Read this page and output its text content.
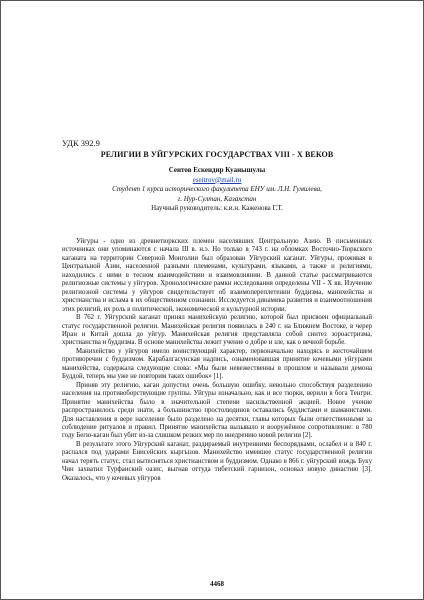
УДК 392.9
РЕЛИГИИ В УЙГУРСКИХ ГОСУДАРСТВАХ VIII - X ВЕКОВ
Сеитов Ескендир Куанышулы
eseitrov@mail.ru
Студент 1 курса исторического факультета ЕНУ им. Л.Н. Гумилева,
г. Нур-Султан, Казахстан
Научный руководитель: к.и.н. Каженова Г.Т.

Уйгуры - одно из древнетюркских племен населявших Центральную Азию. В письменных источниках они упоминаются с начала III в. н.э. Но только в 743 г. на обломках Восточно-Тюркского каганата на территории Северной Монголии был образован Уйгурский каганат. Уйгуры, проживая в Центральной Азии, населенной разными племенами, культурами, языками, а также и религиями, находились с ними в тесном взаимодействии и взаимовлиянии. В данной статье рассматриваются религиозные системы у уйгуров. Хронологические рамки исследования определены VII - X вв. Изучение религиозной системы у уйгуров свидетельствует об взаимопереплетении буддизма, манихейства и христианства и ислама в их общественном сознании. Исследуется динамика развития и взаимоотношения этих религий, их роль в политической, экономической и культурной истории.

В 762 г. Уйгурский каганат принял манихейскую религию, которой был присвоен официальный статус государственной религии. Манихейская религия появилась в 240 г. на Ближнем Востоке, в череp Иран и Китай дошла до уйгур. Манихейская религия представляла собой синтез зороастризма, христианства и буддизма. В основе манихейства лежит учение о добре и зле, как о вечной борьбе.

Манихейство у уйгуров имело воинствующий характер, первоначально находясь в жесточайшем противоречии с буддизмом. Карабалгасунская надпись, ознаменовавшая принятие кочевыми уйгурами манихейства, содержала следующие слова: «Мы были невежественны в прошлом и называли демона Буддой, теперь мы уже не повторим таких ошибок» [1].

Приняв эту религию, каган допустил очень большую ошибку, невольно способствуя разделению населения на противоборствующие группы. Уйгуры изначально, как и все тюрки, верили в бога Тенгри. Принятие манихейства было в значительной степени насильственной акцией. Новое учение распространилось среди знати, а большинство простолюдинов оставались буддистами и шаманистами. Для наставления в вере население было разделено на десятки, главы которых были ответственными за соблюдение ритуалов и правил. Принятие манихейства вызывало и вооружённое сопротивление: в 780 году Бегю-каган был убит из-за слишком резких мер по внедрению новой религии [2].

В результате этого Уйгурский каганат, раздираемый внутренними беспорядками, ослабел и в 840 г. распался под ударами Енисейских кыргызов. Манихейство имевшее статус государственной религии начал терять статус, стал вытесняться христианством и буддизмом. Однако в 866 г. уйгурский вождь Букy Чин захватил Турфанский оазис, выгнав оттуда тибетский гарнизон, основал новую династию [3]. Оказалось, что у кочевых уйгуров

4468
